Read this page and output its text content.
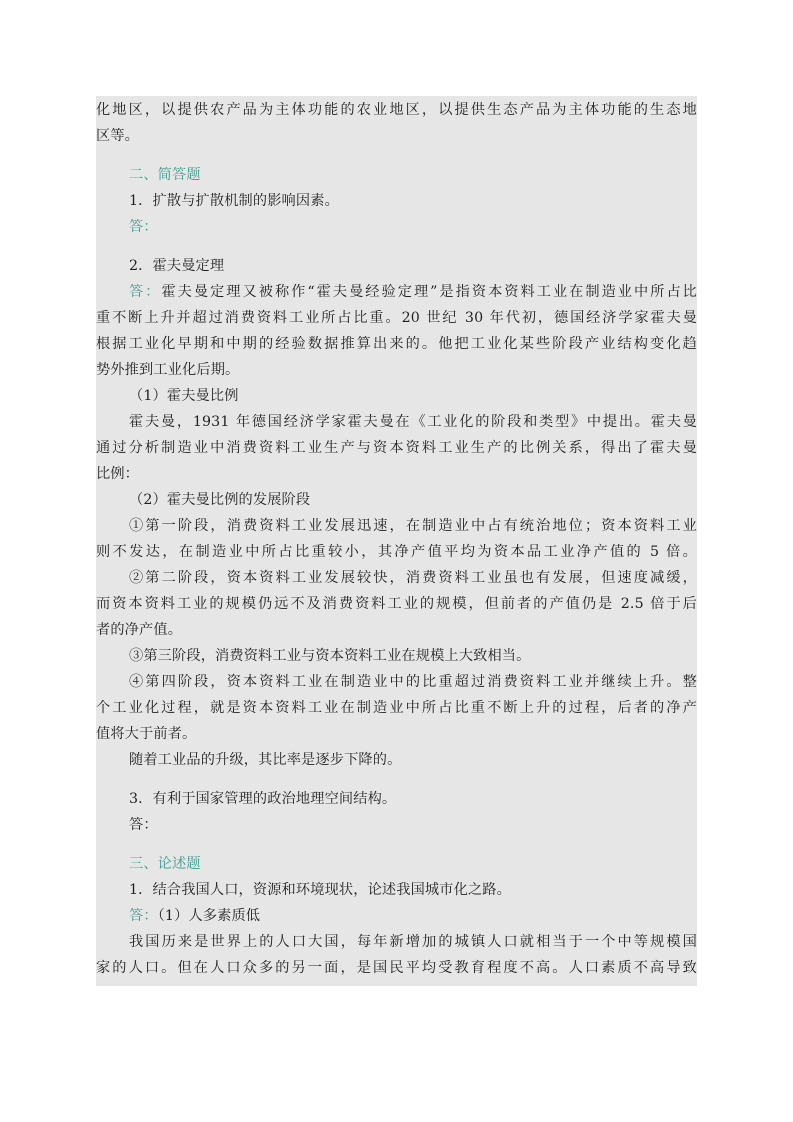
化地区，以提供农产品为主体功能的农业地区，以提供生态产品为主体功能的生态地
区等。
二、简答题
1．扩散与扩散机制的影响因素。
答：
2．霍夫曼定理
答：霍夫曼定理又被称作“霍夫曼经验定理”是指资本资料工业在制造业中所占比
重不断上升并超过消费资料工业所占比重。20 世纪 30 年代初，德国经济学家霍夫曼
根据工业化早期和中期的经验数据推算出来的。他把工业化某些阶段产业结构变化趋
势外推到工业化后期。
（1）霍夫曼比例
霍夫曼，1931 年德国经济学家霍夫曼在《工业化的阶段和类型》中提出。霍夫曼
通过分析制造业中消费资料工业生产与资本资料工业生产的比例关系，得出了霍夫曼
比例：
（2）霍夫曼比例的发展阶段
①第一阶段，消费资料工业发展迅速，在制造业中占有统治地位；资本资料工业
则不发达，在制造业中所占比重较小，其净产值平均为资本品工业净产值的 5 倍。
②第二阶段，资本资料工业发展较快，消费资料工业虽也有发展，但速度减缓，
而资本资料工业的规模仍远不及消费资料工业的规模，但前者的产值仍是 2.5 倍于后
者的净产值。
③第三阶段，消费资料工业与资本资料工业在规模上大致相当。
④第四阶段，资本资料工业在制造业中的比重超过消费资料工业并继续上升。整
个工业化过程，就是资本资料工业在制造业中所占比重不断上升的过程，后者的净产
值将大于前者。
随着工业品的升级，其比率是逐步下降的。
3．有利于国家管理的政治地理空间结构。
答：
三、论述题
1．结合我国人口，资源和环境现状，论述我国城市化之路。
答：（1）人多素质低
我国历来是世界上的人口大国，每年新增加的城镇人口就相当于一个中等规模国
家的人口。但在人口众多的另一面，是国民平均受教育程度不高。人口素质不高导致
